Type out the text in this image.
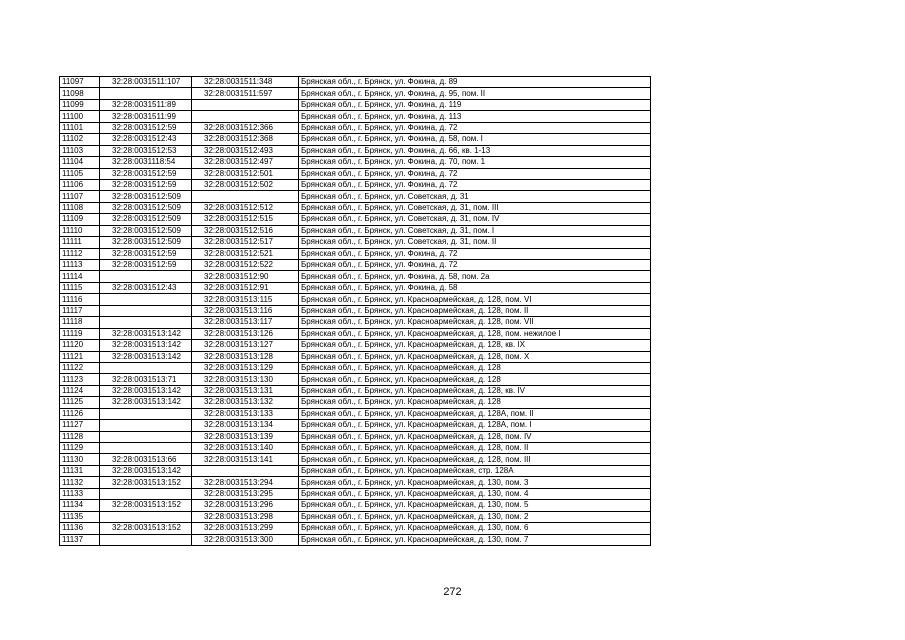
11097	32:28:0031511:107	32:28:0031511:348	Брянская обл., г. Брянск, ул. Фокина, д. 89
11098		32:28:0031511:597	Брянская обл., г. Брянск, ул. Фокина, д. 95, пом. II
11099	32:28:0031511:89		Брянская обл., г. Брянск, ул. Фокина, д. 119
11100	32:28:0031511:99		Брянская обл., г. Брянск, ул. Фокина, д. 113
11101	32:28:0031512:59	32:28:0031512:366	Брянская обл., г. Брянск, ул. Фокина, д. 72
11102	32:28:0031512:43	32:28:0031512:368	Брянская обл., г. Брянск, ул. Фокина, д. 58, пом. I
11103	32:28:0031512:53	32:28:0031512:493	Брянская обл., г. Брянск, ул. Фокина, д. 66, кв. 1-13
11104	32:28:0031118:54	32:28:0031512:497	Брянская обл., г. Брянск, ул. Фокина, д. 70, пом. 1
11105	32:28:0031512:59	32:28:0031512:501	Брянская обл., г. Брянск, ул. Фокина, д. 72
11106	32:28:0031512:59	32:28:0031512:502	Брянская обл., г. Брянск, ул. Фокина, д. 72
11107	32:28:0031512:509		Брянская обл., г. Брянск, ул. Советская, д. 31
11108	32:28:0031512:509	32:28:0031512:512	Брянская обл., г. Брянск, ул. Советская, д. 31, пом. III
11109	32:28:0031512:509	32:28:0031512:515	Брянская обл., г. Брянск, ул. Советская, д. 31, пом. IV
11110	32:28:0031512:509	32:28:0031512:516	Брянская обл., г. Брянск, ул. Советская, д. 31, пом. I
11111	32:28:0031512:509	32:28:0031512:517	Брянская обл., г. Брянск, ул. Советская, д. 31, пом. II
11112	32:28:0031512:59	32:28:0031512:521	Брянская обл., г. Брянск, ул. Фокина, д. 72
11113	32:28:0031512:59	32:28:0031512:522	Брянская обл., г. Брянск, ул. Фокина, д. 72
11114		32:28:0031512:90	Брянская обл., г. Брянск, ул. Фокина, д. 58, пом. 2а
11115	32:28:0031512:43	32:28:0031512:91	Брянская обл., г. Брянск, ул. Фокина, д. 58
11116		32:28:0031513:115	Брянская обл., г. Брянск, ул. Красноармейская, д. 128, пом. VI
11117		32:28:0031513:116	Брянская обл., г. Брянск, ул. Красноармейская, д. 128, пом. II
11118		32:28:0031513:117	Брянская обл., г. Брянск, ул. Красноармейская, д. 128, пом. VII
11119	32:28:0031513:142	32:28:0031513:126	Брянская обл., г. Брянск, ул. Красноармейская, д. 128, пом. нежилое I
11120	32:28:0031513:142	32:28:0031513:127	Брянская обл., г. Брянск, ул. Красноармейская, д. 128, кв. IX
11121	32:28:0031513:142	32:28:0031513:128	Брянская обл., г. Брянск, ул. Красноармейская, д. 128, пом. X
11122		32:28:0031513:129	Брянская обл., г. Брянск, ул. Красноармейская, д. 128
11123	32:28:0031513:71	32:28:0031513:130	Брянская обл., г. Брянск, ул. Красноармейская, д. 128
11124	32:28:0031513:142	32:28:0031513:131	Брянская обл., г. Брянск, ул. Красноармейская, д. 128, кв. IV
11125	32:28:0031513:142	32:28:0031513:132	Брянская обл., г. Брянск, ул. Красноармейская, д. 128
11126		32:28:0031513:133	Брянская обл., г. Брянск, ул. Красноармейская, д. 128А, пом. II
11127		32:28:0031513:134	Брянская обл., г. Брянск, ул. Красноармейская, д. 128А, пом. I
11128		32:28:0031513:139	Брянская обл., г. Брянск, ул. Красноармейская, д. 128, пом. IV
11129		32:28:0031513:140	Брянская обл., г. Брянск, ул. Красноармейская, д. 128, пом. II
11130	32:28:0031513:66	32:28:0031513:141	Брянская обл., г. Брянск, ул. Красноармейская, д. 128, пом. III
11131	32:28:0031513:142		Брянская обл., г. Брянск, ул. Красноармейская, стр. 128А
11132	32:28:0031513:152	32:28:0031513:294	Брянская обл., г. Брянск, ул. Красноармейская, д. 130, пом. 3
11133		32:28:0031513:295	Брянская обл., г. Брянск, ул. Красноармейская, д. 130, пом. 4
11134	32:28:0031513:152	32:28:0031513:296	Брянская обл., г. Брянск, ул. Красноармейская, д. 130, пом. 5
11135		32:28:0031513:298	Брянская обл., г. Брянск, ул. Красноармейская, д. 130, пом. 2
11136	32:28:0031513:152	32:28:0031513:299	Брянская обл., г. Брянск, ул. Красноармейская, д. 130, пом. 6
11137		32:28:0031513:300	Брянская обл., г. Брянск, ул. Красноармейская, д. 130, пом. 7
272
